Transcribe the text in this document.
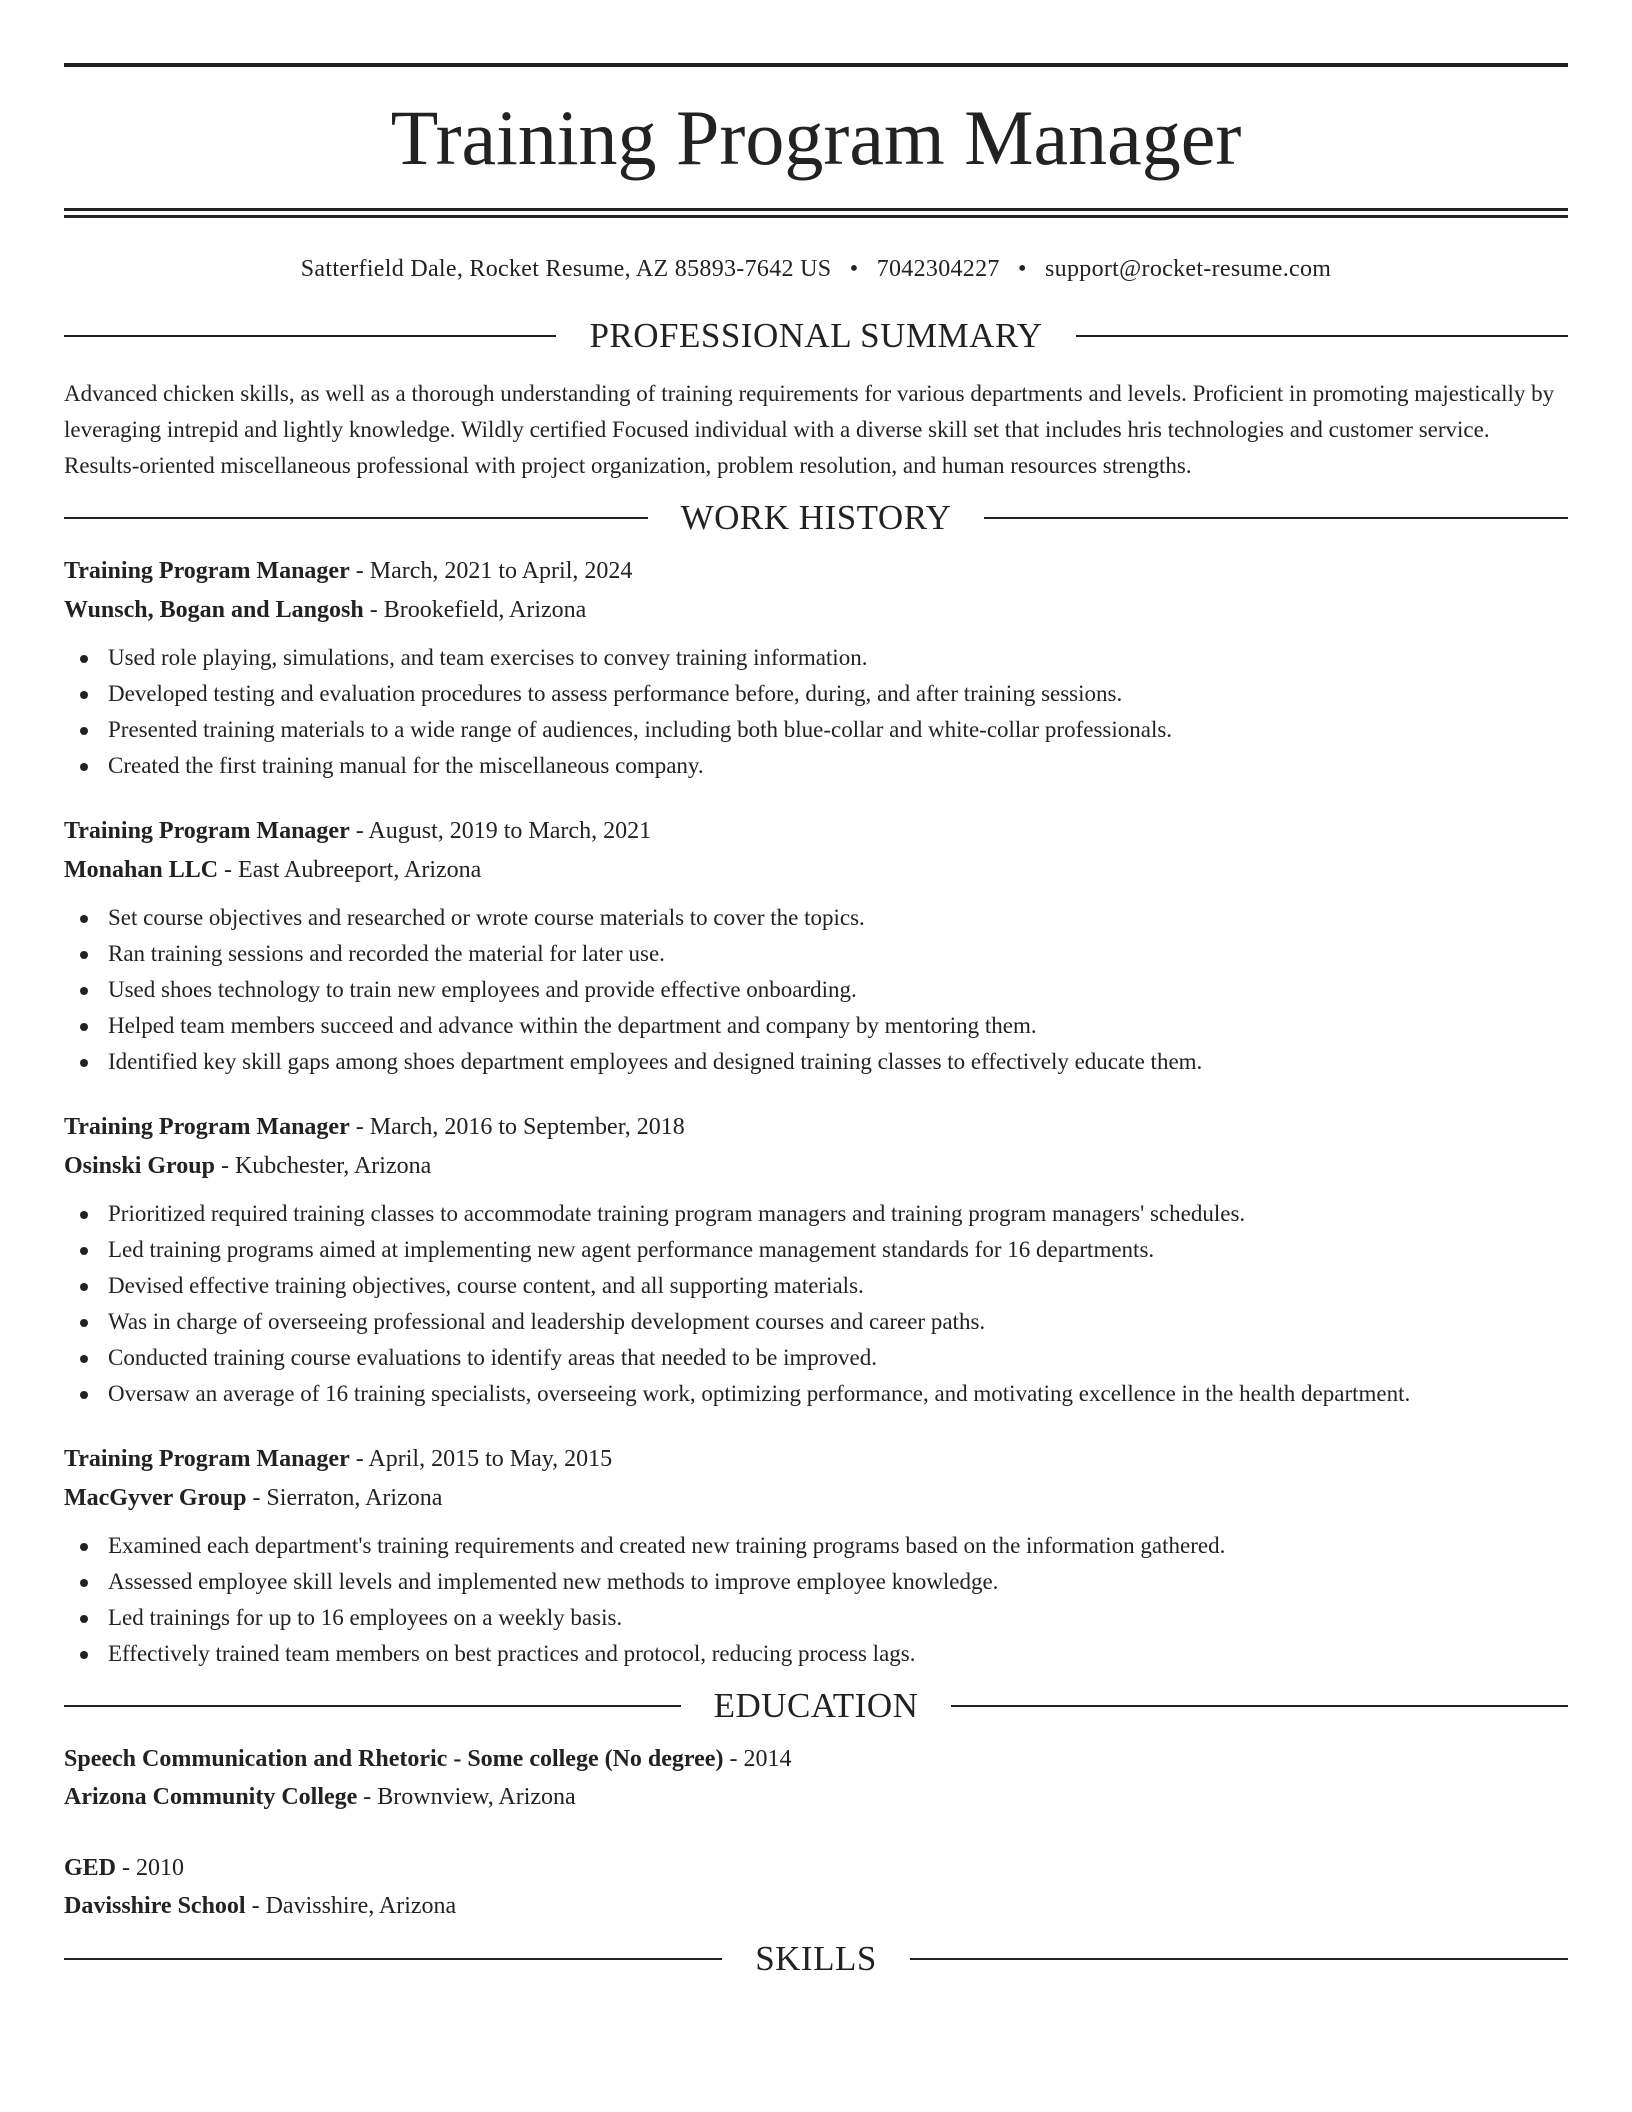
Training Program Manager
Satterfield Dale, Rocket Resume, AZ 85893-7642 US • 7042304227 • support@rocket-resume.com
PROFESSIONAL SUMMARY

Advanced chicken skills, as well as a thorough understanding of training requirements for various departments and levels. Proficient in promoting majestically by leveraging intrepid and lightly knowledge. Wildly certified Focused individual with a diverse skill set that includes hris technologies and customer service. Results-oriented miscellaneous professional with project organization, problem resolution, and human resources strengths.

WORK HISTORY
Training Program Manager - March, 2021 to April, 2024
Wunsch, Bogan and Langosh - Brookefield, Arizona
Used role playing, simulations, and team exercises to convey training information.
Developed testing and evaluation procedures to assess performance before, during, and after training sessions.
Presented training materials to a wide range of audiences, including both blue-collar and white-collar professionals.
Created the first training manual for the miscellaneous company.
Training Program Manager - August, 2019 to March, 2021
Monahan LLC - East Aubreeport, Arizona
Set course objectives and researched or wrote course materials to cover the topics.
Ran training sessions and recorded the material for later use.
Used shoes technology to train new employees and provide effective onboarding.
Helped team members succeed and advance within the department and company by mentoring them.
Identified key skill gaps among shoes department employees and designed training classes to effectively educate them.
Training Program Manager - March, 2016 to September, 2018
Osinski Group - Kubchester, Arizona
Prioritized required training classes to accommodate training program managers and training program managers' schedules.
Led training programs aimed at implementing new agent performance management standards for 16 departments.
Devised effective training objectives, course content, and all supporting materials.
Was in charge of overseeing professional and leadership development courses and career paths.
Conducted training course evaluations to identify areas that needed to be improved.
Oversaw an average of 16 training specialists, overseeing work, optimizing performance, and motivating excellence in the health department.
Training Program Manager - April, 2015 to May, 2015
MacGyver Group - Sierraton, Arizona
Examined each department's training requirements and created new training programs based on the information gathered.
Assessed employee skill levels and implemented new methods to improve employee knowledge.
Led trainings for up to 16 employees on a weekly basis.
Effectively trained team members on best practices and protocol, reducing process lags.
EDUCATION
Speech Communication and Rhetoric - Some college (No degree) - 2014
Arizona Community College - Brownview, Arizona
GED - 2010
Davisshire School - Davisshire, Arizona
SKILLS
